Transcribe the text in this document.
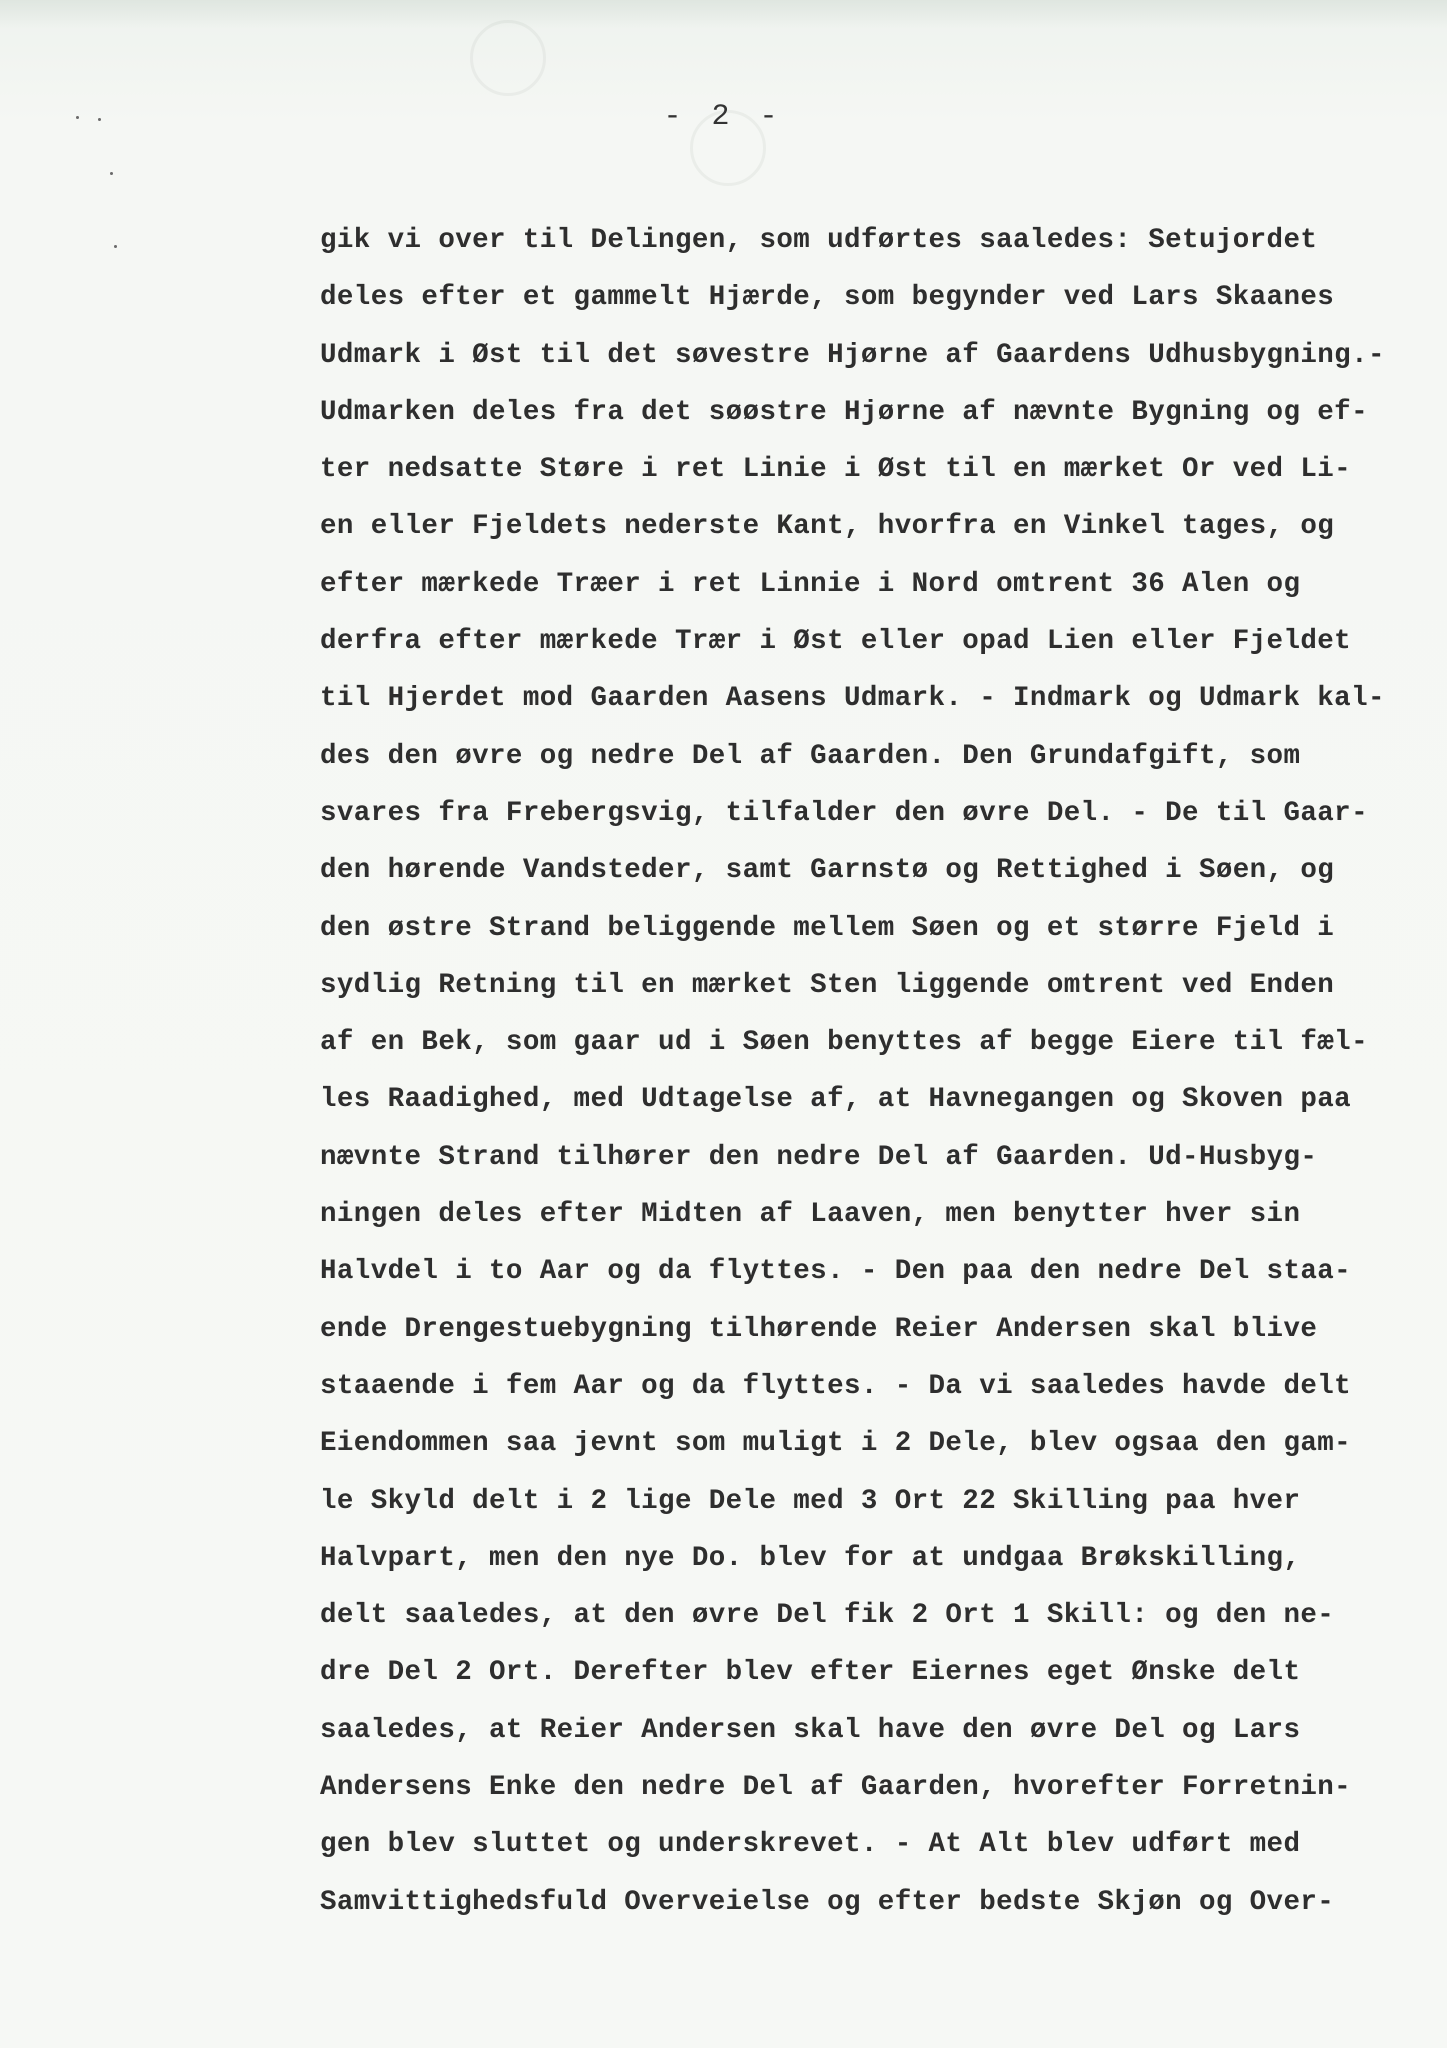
- 2 -
gik vi over til Delingen, som udførtes saaledes: Setujordet
deles efter et gammelt Hjærde, som begynder ved Lars Skaanes
Udmark i Øst til det søvestre Hjørne af Gaardens Udhusbygning.-
Udmarken deles fra det søøstre Hjørne af nævnte Bygning og ef-
ter nedsatte Støre i ret Linie i Øst til en mærket Or ved Li-
en eller Fjeldets nederste Kant, hvorfra en Vinkel tages, og
efter mærkede Træer i ret Linnie i Nord omtrent 36 Alen og
derfra efter mærkede Trær i Øst eller opad Lien eller Fjeldet
til Hjerdet mod Gaarden Aasens Udmark. - Indmark og Udmark kal-
des den øvre og nedre Del af Gaarden. Den Grundafgift, som
svares fra Frebergsvig, tilfalder den øvre Del. - De til Gaar-
den hørende Vandsteder, samt Garnstø og Rettighed i Søen, og
den østre Strand beliggende mellem Søen og et større Fjeld i
sydlig Retning til en mærket Sten liggende omtrent ved Enden
af en Bek, som gaar ud i Søen benyttes af begge Eiere til fæl-
les Raadighed, med Udtagelse af, at Havnegangen og Skoven paa
nævnte Strand tilhører den nedre Del af Gaarden. Ud-Husbyg-
ningen deles efter Midten af Laaven, men benytter hver sin
Halvdel i to Aar og da flyttes. - Den paa den nedre Del staa-
ende Drengestuebygning tilhørende Reier Andersen skal blive
staaende i fem Aar og da flyttes. - Da vi saaledes havde delt
Eiendommen saa jevnt som muligt i 2 Dele, blev ogsaa den gam-
le Skyld delt i 2 lige Dele med 3 Ort 22 Skilling paa hver
Halvpart, men den nye Do. blev for at undgaa Brøkskilling,
delt saaledes, at den øvre Del fik 2 Ort 1 Skill: og den ne-
dre Del 2 Ort. Derefter blev efter Eiernes eget Ønske delt
saaledes, at Reier Andersen skal have den øvre Del og Lars
Andersens Enke den nedre Del af Gaarden, hvorefter Forretnin-
gen blev sluttet og underskrevet. - At Alt blev udført med
Samvittighedsfuld Overveielse og efter bedste Skjøn og Over-
